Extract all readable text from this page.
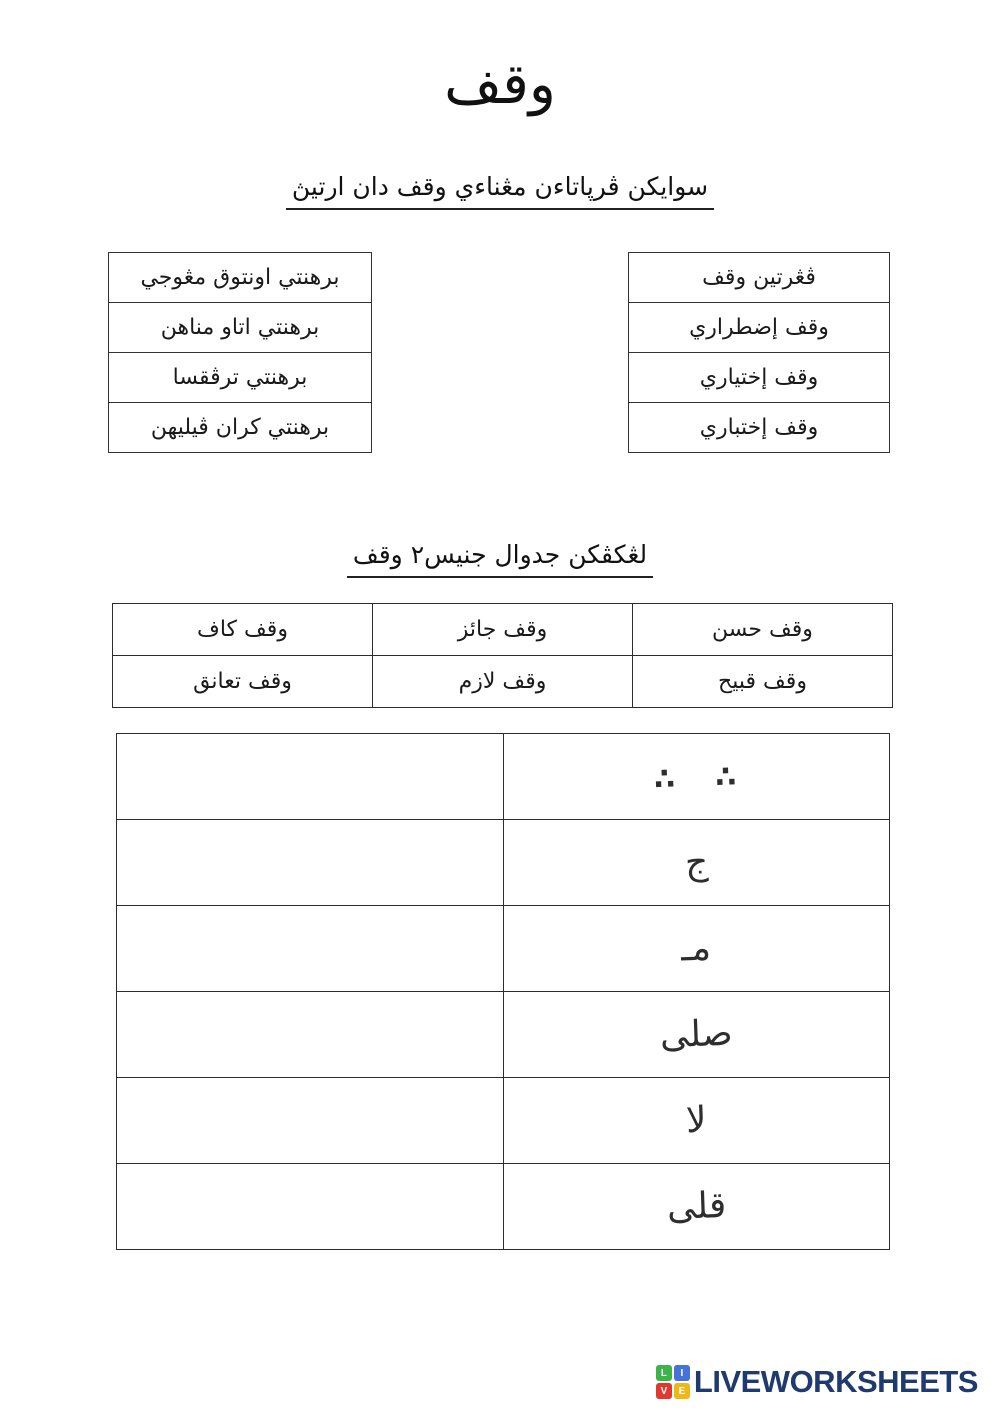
وقف
سوايكن ڤرڽاتاءن مڠناءي وقف دان ارتيڽ
برهنتي اونتوق مڠوجي
برهنتي اتاو مناهن
برهنتي ترڤقسا
برهنتي كران ڤيليهن
ڤڠرتين وقف
وقف إضطراري
وقف إختياري
وقف إختباري
لڠكڤكن جدوال جنيس٢ وقف
وقف كاف	وقف جائز	وقف حسن
وقف تعانق	وقف لازم	وقف قبيح
	∴ ∴
	ج
	مـ
	صلى
	لا
	قلى
L	I
V	E LIVEWORKSHEETS
